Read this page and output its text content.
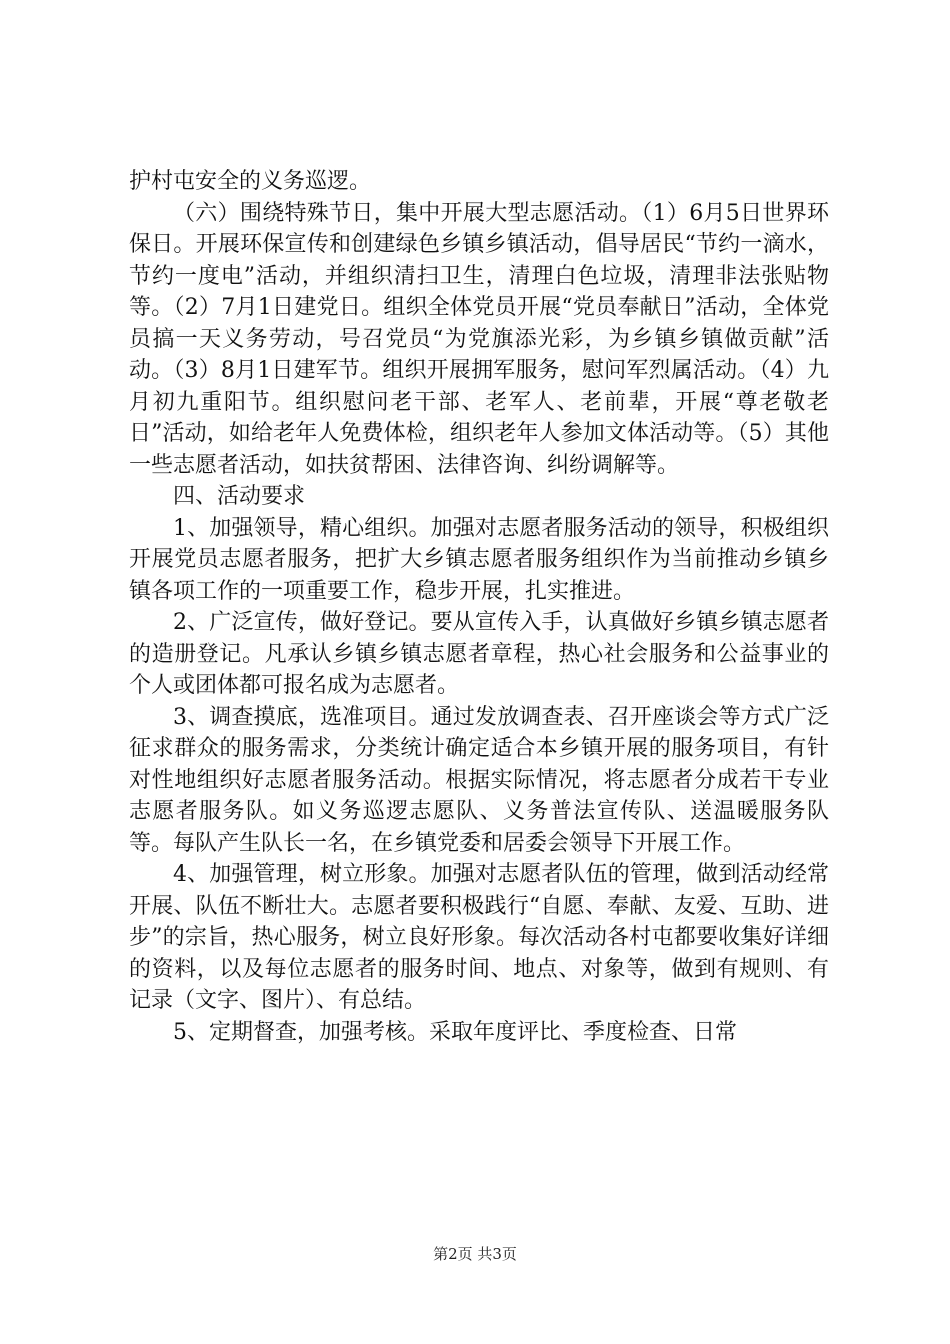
护村屯安全的义务巡逻。

（六）围绕特殊节日，集中开展大型志愿活动。（1）6月5日世界环保日。开展环保宣传和创建绿色乡镇乡镇活动，倡导居民“节约一滴水，节约一度电”活动，并组织清扫卫生，清理白色垃圾，清理非法张贴物等。（2）7月1日建党日。组织全体党员开展“党员奉献日”活动，全体党员搞一天义务劳动，号召党员“为党旗添光彩，为乡镇乡镇做贡献”活动。（3）8月1日建军节。组织开展拥军服务，慰问军烈属活动。（4）九月初九重阳节。组织慰问老干部、老军人、老前辈，开展“尊老敬老日”活动，如给老年人免费体检，组织老年人参加文体活动等。（5）其他一些志愿者活动，如扶贫帮困、法律咨询、纠纷调解等。

四、活动要求

1、加强领导，精心组织。加强对志愿者服务活动的领导，积极组织开展党员志愿者服务，把扩大乡镇志愿者服务组织作为当前推动乡镇乡镇各项工作的一项重要工作，稳步开展，扎实推进。

2、广泛宣传，做好登记。要从宣传入手，认真做好乡镇乡镇志愿者的造册登记。凡承认乡镇乡镇志愿者章程，热心社会服务和公益事业的个人或团体都可报名成为志愿者。

3、调查摸底，选准项目。通过发放调查表、召开座谈会等方式广泛征求群众的服务需求，分类统计确定适合本乡镇开展的服务项目，有针对性地组织好志愿者服务活动。根据实际情况，将志愿者分成若干专业志愿者服务队。如义务巡逻志愿队、义务普法宣传队、送温暖服务队等。每队产生队长一名，在乡镇党委和居委会领导下开展工作。

4、加强管理，树立形象。加强对志愿者队伍的管理，做到活动经常开展、队伍不断壮大。志愿者要积极践行“自愿、奉献、友爱、互助、进步”的宗旨，热心服务，树立良好形象。每次活动各村屯都要收集好详细的资料，以及每位志愿者的服务时间、地点、对象等，做到有规则、有记录（文字、图片）、有总结。

5、定期督查，加强考核。采取年度评比、季度检查、日常

第2页 共3页
